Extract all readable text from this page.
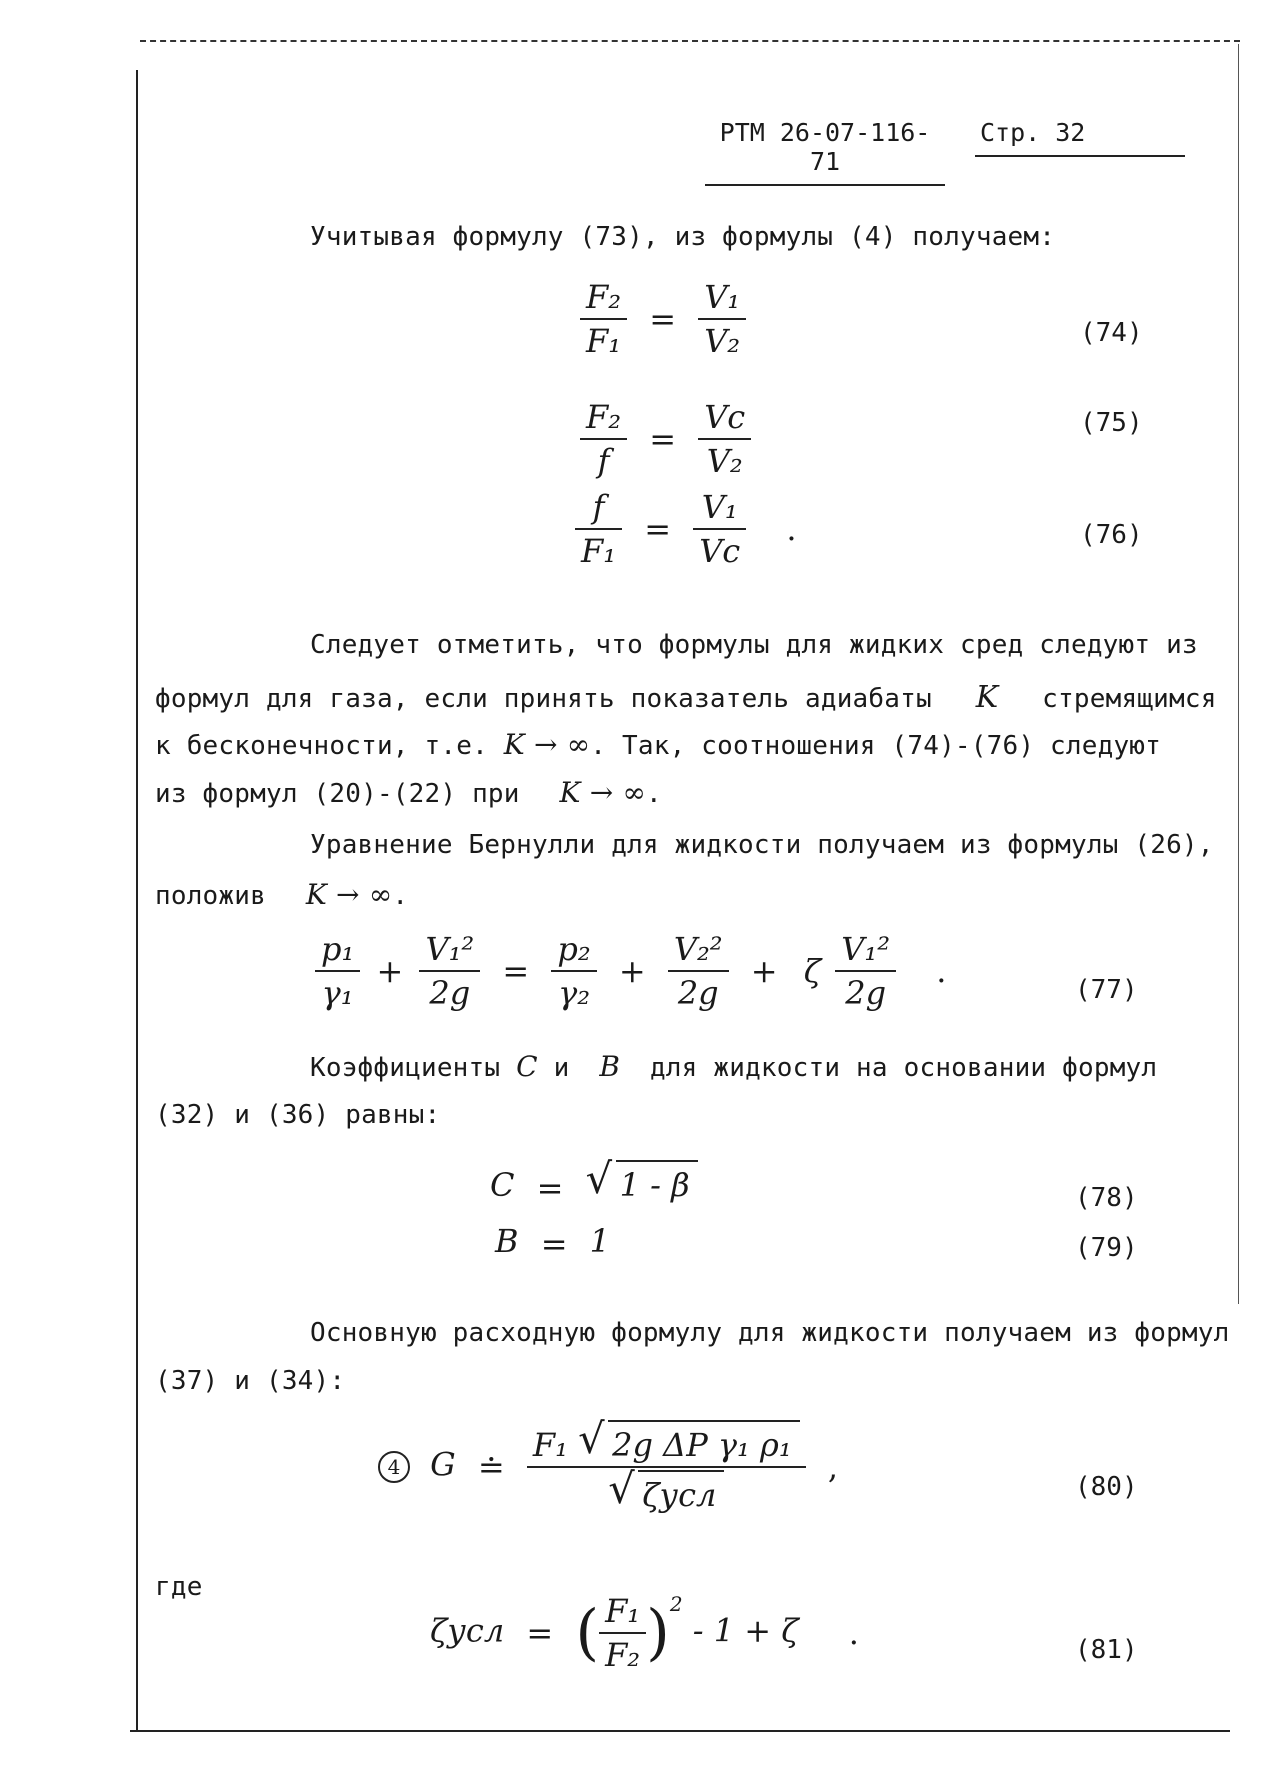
РТМ 26-07-116-71
Стр. 32
Учитывая формулу (73), из формулы (4) получаем:
$\frac{\text{F₂}}{\text{F₁}} = \frac{\text{V₁}}{\text{V₂}}$	(74)
$\frac{\text{F₂}}{f} = \frac{Vc}{\text{V₂}}$	(75)
$\frac{f}{\text{F₁}} = \frac{\text{V₁}}{Vc}$ .	(76)
Следует отметить, что формулы для жидких сред следуют из
формул для газа, если принять показатель адиабаты K стремящимся
к бесконечности, т.е. K → ∞. Так, соотношения (74)-(76) следуют
из формул (20)-(22) при K → ∞.
Уравнение Бернулли для жидкости получаем из формулы (26),
положив K → ∞.
$\frac{\text{p₁}}{\text{γ₁}} + \frac{\text{V₁²}}{2g} = \frac{\text{p₂}}{\text{γ₂}} + \frac{\text{V₂²}}{2g} + \zeta \frac{\text{V₁²}}{2g}$ .	(77)
Коэффициенты C и B для жидкости на основании формул
(32) и (36) равны:
C = √ 1 - β	(78)
B = 1	(79)
Основную расходную формулу для жидкости получаем из формул
(37) и (34):
4 G ≐ $\frac{\text{F₁ √ 2g ΔP γ₁ ρ₁}}{\text{√ ζусл}}$ ,
(80)
где
ζусл = ( $\frac{\text{F₁}}{\text{F₂}} )^2 - 1 + \zeta$ .	(81)
